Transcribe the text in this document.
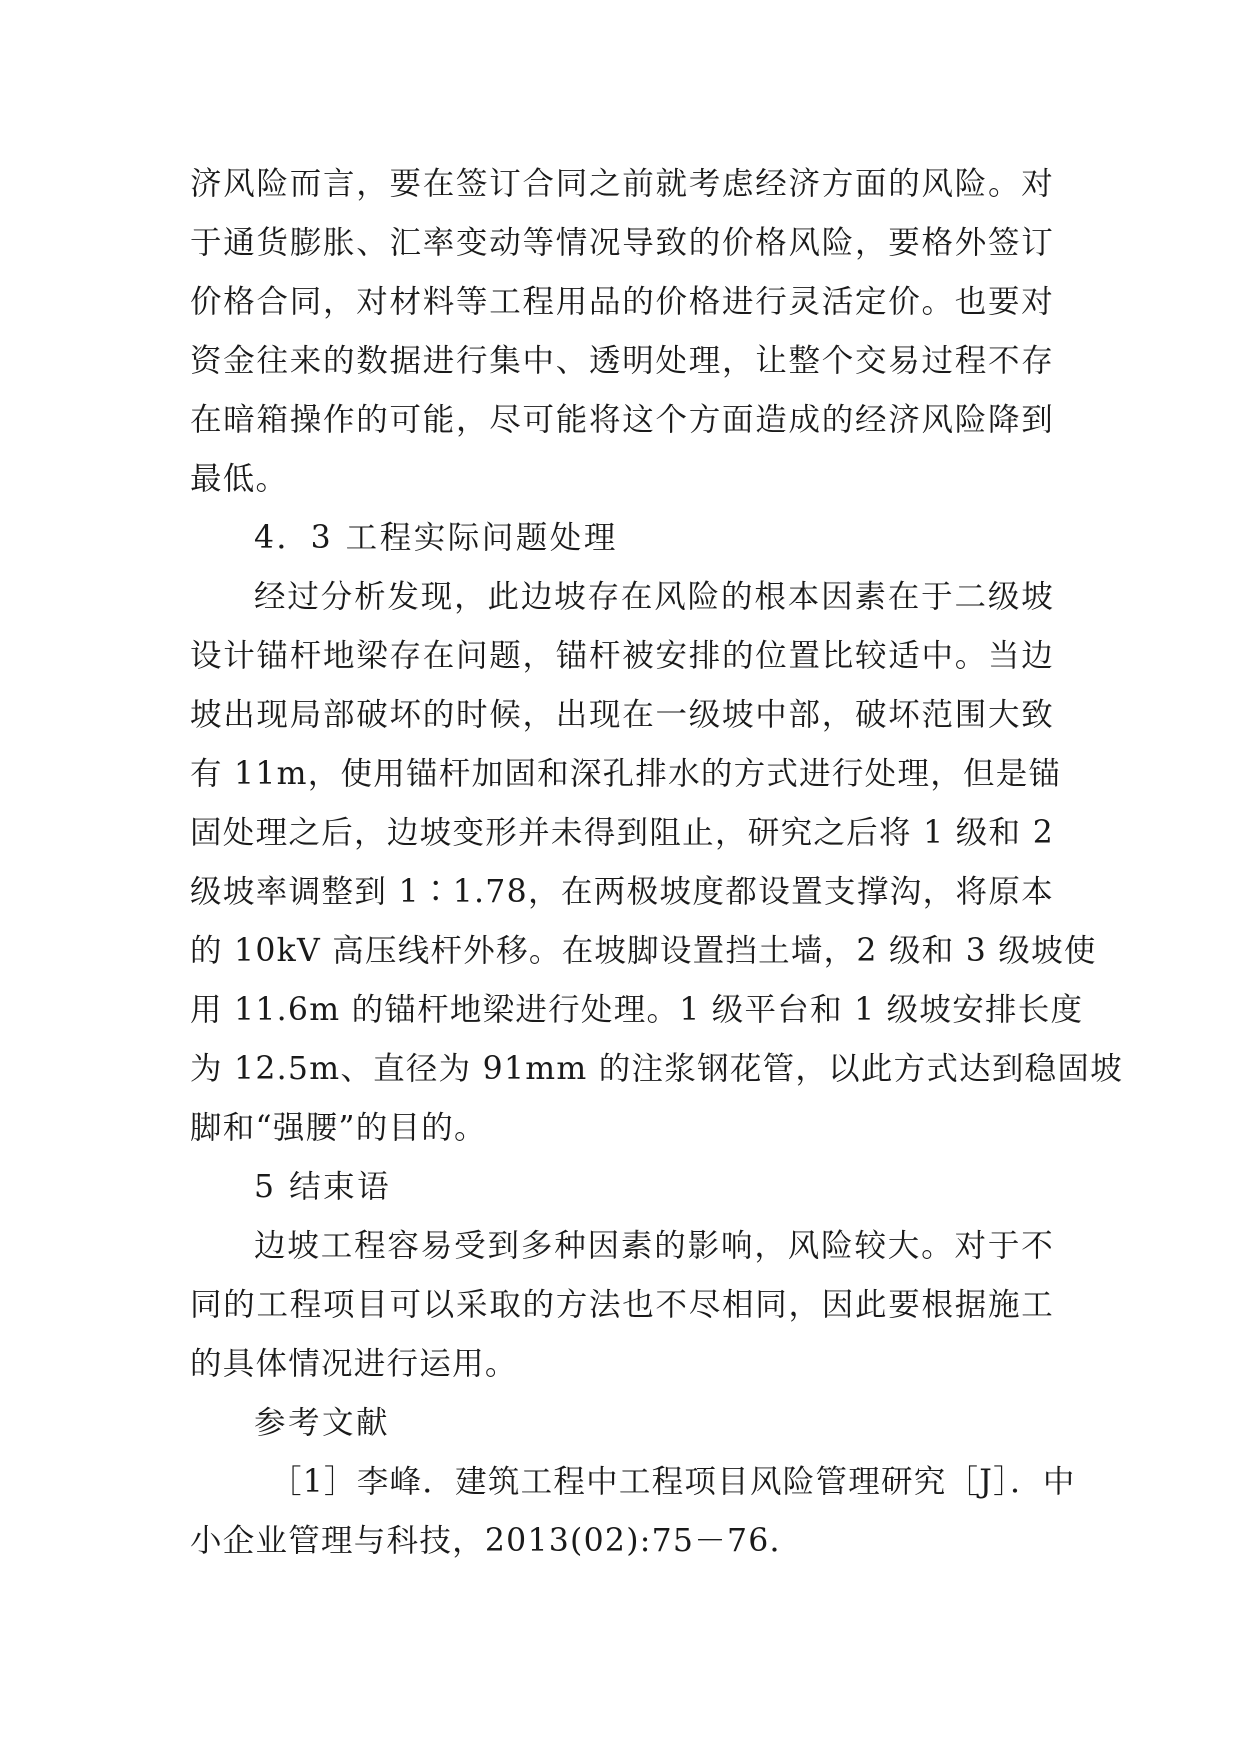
济风险而言，要在签订合同之前就考虑经济方面的风险。对
于通货膨胀、汇率变动等情况导致的价格风险，要格外签订
价格合同，对材料等工程用品的价格进行灵活定价。也要对
资金往来的数据进行集中、透明处理，让整个交易过程不存
在暗箱操作的可能，尽可能将这个方面造成的经济风险降到
最低。
4．3 工程实际问题处理
经过分析发现，此边坡存在风险的根本因素在于二级坡
设计锚杆地梁存在问题，锚杆被安排的位置比较适中。当边
坡出现局部破坏的时候，出现在一级坡中部，破坏范围大致
有 11m，使用锚杆加固和深孔排水的方式进行处理，但是锚
固处理之后，边坡变形并未得到阻止，研究之后将 1 级和 2
级坡率调整到 1∶1.78，在两极坡度都设置支撑沟，将原本
的 10kV 高压线杆外移。在坡脚设置挡土墙，2 级和 3 级坡使
用 11.6m 的锚杆地梁进行处理。1 级平台和 1 级坡安排长度
为 12.5m、直径为 91mm 的注浆钢花管，以此方式达到稳固坡
脚和“强腰”的目的。
5 结束语
边坡工程容易受到多种因素的影响，风险较大。对于不
同的工程项目可以采取的方法也不尽相同，因此要根据施工
的具体情况进行运用。
参考文献
［1］李峰．建筑工程中工程项目风险管理研究［J］．中
小企业管理与科技，2013(02):75－76．
